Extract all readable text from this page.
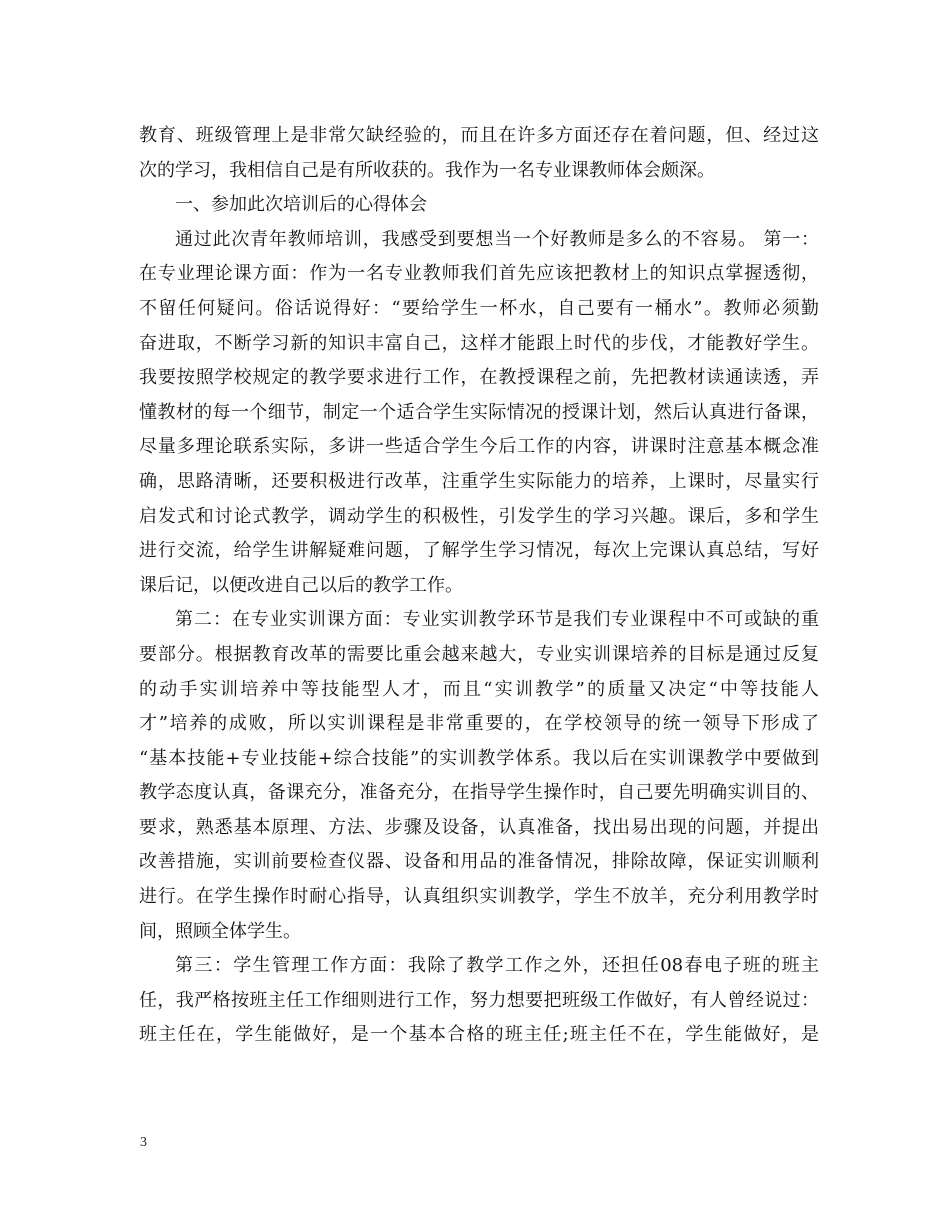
教育、班级管理上是非常欠缺经验的，而且在许多方面还存在着问题，但、经过这
次的学习，我相信自己是有所收获的。我作为一名专业课教师体会颇深。
一、参加此次培训后的心得体会
通过此次青年教师培训，我感受到要想当一个好教师是多么的不容易。 第一：
在专业理论课方面：作为一名专业教师我们首先应该把教材上的知识点掌握透彻，
不留任何疑问。俗话说得好：“要给学生一杯水，自己要有一桶水”。教师必须勤
奋进取，不断学习新的知识丰富自己，这样才能跟上时代的步伐，才能教好学生。
我要按照学校规定的教学要求进行工作，在教授课程之前，先把教材读通读透，弄
懂教材的每一个细节，制定一个适合学生实际情况的授课计划，然后认真进行备课，
尽量多理论联系实际，多讲一些适合学生今后工作的内容，讲课时注意基本概念准
确，思路清晰，还要积极进行改革，注重学生实际能力的培养，上课时，尽量实行
启发式和讨论式教学，调动学生的积极性，引发学生的学习兴趣。课后，多和学生
进行交流，给学生讲解疑难问题，了解学生学习情况，每次上完课认真总结，写好
课后记，以便改进自己以后的教学工作。
第二：在专业实训课方面：专业实训教学环节是我们专业课程中不可或缺的重
要部分。根据教育改革的需要比重会越来越大，专业实训课培养的目标是通过反复
的动手实训培养中等技能型人才，而且“实训教学”的质量又决定“中等技能人
才”培养的成败，所以实训课程是非常重要的，在学校领导的统一领导下形成了
“基本技能+专业技能+综合技能”的实训教学体系。我以后在实训课教学中要做到
教学态度认真，备课充分，准备充分，在指导学生操作时，自己要先明确实训目的、
要求，熟悉基本原理、方法、步骤及设备，认真准备，找出易出现的问题，并提出
改善措施，实训前要检查仪器、设备和用品的准备情况，排除故障，保证实训顺利
进行。在学生操作时耐心指导，认真组织实训教学，学生不放羊，充分利用教学时
间，照顾全体学生。
第三：学生管理工作方面：我除了教学工作之外，还担任08春电子班的班主
任，我严格按班主任工作细则进行工作，努力想要把班级工作做好，有人曾经说过：
班主任在，学生能做好，是一个基本合格的班主任;班主任不在，学生能做好，是
3
